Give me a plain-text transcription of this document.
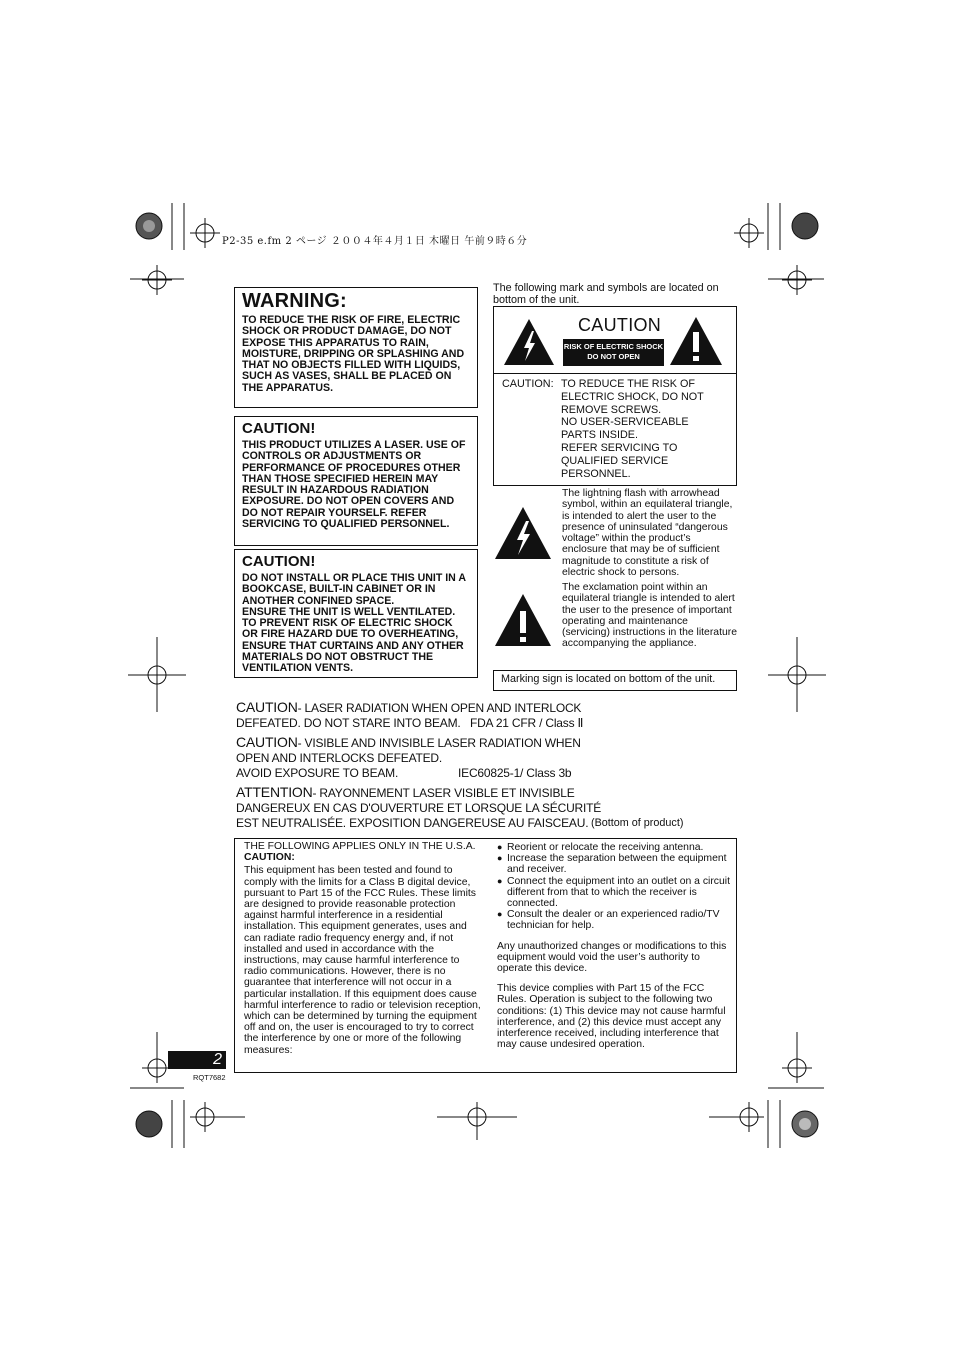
P2-35 e.fm 2 ページ ２００４年４月１日 木曜日 午前９時６分
WARNING:
TO REDUCE THE RISK OF FIRE, ELECTRIC SHOCK OR PRODUCT DAMAGE, DO NOT EXPOSE THIS APPARATUS TO RAIN, MOISTURE, DRIPPING OR SPLASHING AND THAT NO OBJECTS FILLED WITH LIQUIDS, SUCH AS VASES, SHALL BE PLACED ON THE APPARATUS.
CAUTION!
THIS PRODUCT UTILIZES A LASER. USE OF CONTROLS OR ADJUSTMENTS OR PERFORMANCE OF PROCEDURES OTHER THAN THOSE SPECIFIED HEREIN MAY RESULT IN HAZARDOUS RADIATION EXPOSURE. DO NOT OPEN COVERS AND DO NOT REPAIR YOURSELF. REFER SERVICING TO QUALIFIED PERSONNEL.
CAUTION!

DO NOT INSTALL OR PLACE THIS UNIT IN A BOOKCASE, BUILT-IN CABINET OR IN ANOTHER CONFINED SPACE.

ENSURE THE UNIT IS WELL VENTILATED. TO PREVENT RISK OF ELECTRIC SHOCK OR FIRE HAZARD DUE TO OVERHEATING, ENSURE THAT CURTAINS AND ANY OTHER MATERIALS DO NOT OBSTRUCT THE VENTILATION VENTS.

The following mark and symbols are located on bottom of the unit.
CAUTION
RISK OF ELECTRIC SHOCK
DO NOT OPEN
CAUTION: TO REDUCE THE RISK OF
ELECTRIC SHOCK, DO NOT
REMOVE SCREWS.
NO USER-SERVICEABLE
PARTS INSIDE.
REFER SERVICING TO
QUALIFIED SERVICE
PERSONNEL.
The lightning flash with arrowhead symbol, within an equilateral triangle, is intended to alert the user to the presence of uninsulated “dangerous voltage” within the product’s enclosure that may be of sufficient magnitude to constitute a risk of electric shock to persons.
The exclamation point within an equilateral triangle is intended to alert the user to the presence of important operating and maintenance (servicing) instructions in the literature accompanying the appliance.
Marking sign is located on bottom of the unit.
CAUTION- LASER RADIATION WHEN OPEN AND INTERLOCK
DEFEATED. DO NOT STARE INTO BEAM. FDA 21 CFR / Class Ⅱ
CAUTION- VISIBLE AND INVISIBLE LASER RADIATION WHEN
OPEN AND INTERLOCKS DEFEATED.
AVOID EXPOSURE TO BEAM.	IEC60825-1/ Class 3b
ATTENTION- RAYONNEMENT LASER VISIBLE ET INVISIBLE
DANGEREUX EN CAS D'OUVERTURE ET LORSQUE LA SÉCURITÉ
EST NEUTRALISÉE. EXPOSITION DANGEREUSE AU FAISCEAU. (Bottom of product)
THE FOLLOWING APPLIES ONLY IN THE U.S.A.
CAUTION:
This equipment has been tested and found to comply with the limits for a Class B digital device, pursuant to Part 15 of the FCC Rules. These limits are designed to provide reasonable protection against harmful interference in a residential installation. This equipment generates, uses and can radiate radio frequency energy and, if not installed and used in accordance with the instructions, may cause harmful interference to radio communications. However, there is no guarantee that interference will not occur in a particular installation. If this equipment does cause harmful interference to radio or television reception, which can be determined by turning the equipment off and on, the user is encouraged to try to correct the interference by one or more of the following measures:

● Reorient or relocate the receiving antenna.

● Increase the separation between the equipment and receiver.

● Connect the equipment into an outlet on a circuit different from that to which the receiver is connected.

● Consult the dealer or an experienced radio/TV technician for help.

Any unauthorized changes or modifications to this equipment would void the user’s authority to operate this device.

This device complies with Part 15 of the FCC Rules. Operation is subject to the following two conditions: (1) This device may not cause harmful interference, and (2) this device must accept any interference received, including interference that may cause undesired operation.

2
RQT7682
